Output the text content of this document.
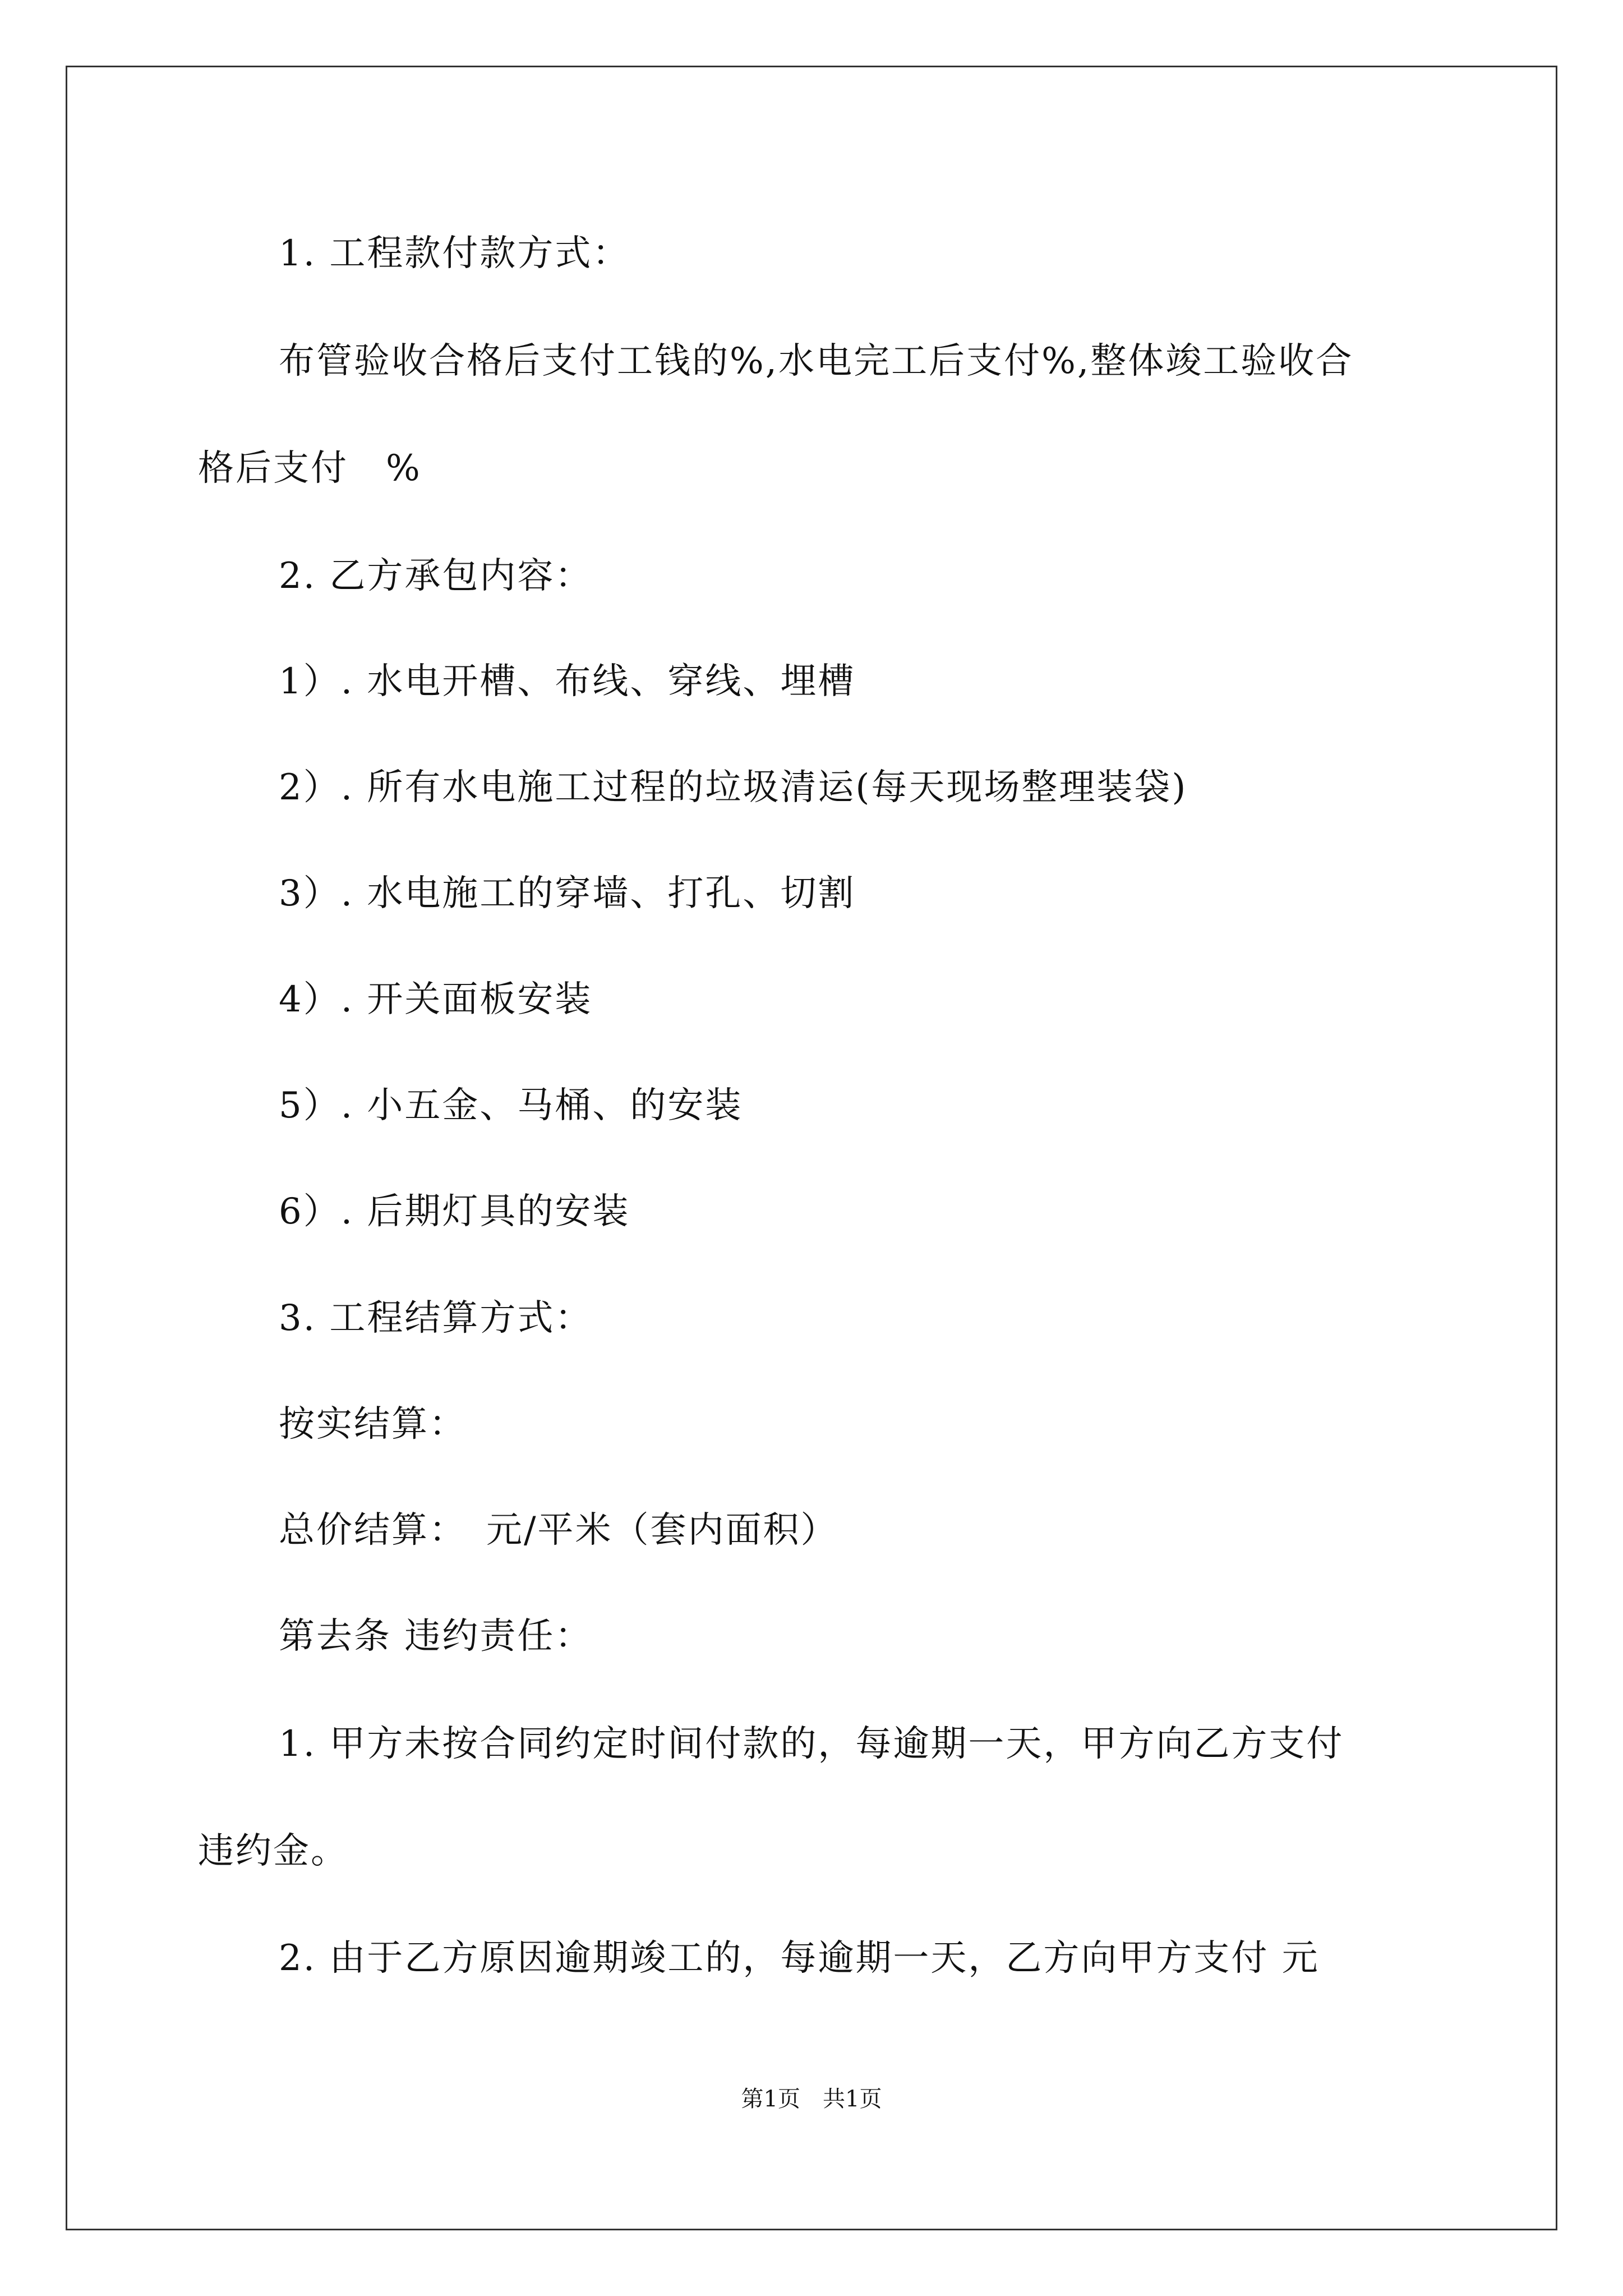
1. 工程款付款方式：
布管验收合格后支付工钱的%,水电完工后支付%,整体竣工验收合
格后支付　%
2. 乙方承包内容：
1）. 水电开槽、布线、穿线、埋槽
2）. 所有水电施工过程的垃圾清运(每天现场整理装袋)
3）. 水电施工的穿墙、打孔、切割
4）. 开关面板安装
5）. 小五金、马桶、的安装
6）. 后期灯具的安装
3. 工程结算方式：
按实结算：
总价结算：　元/平米（套内面积）
第去条 违约责任：
1. 甲方未按合同约定时间付款的，每逾期一天，甲方向乙方支付
违约金。
2. 由于乙方原因逾期竣工的，每逾期一天，乙方向甲方支付 元
第1页　共1页
